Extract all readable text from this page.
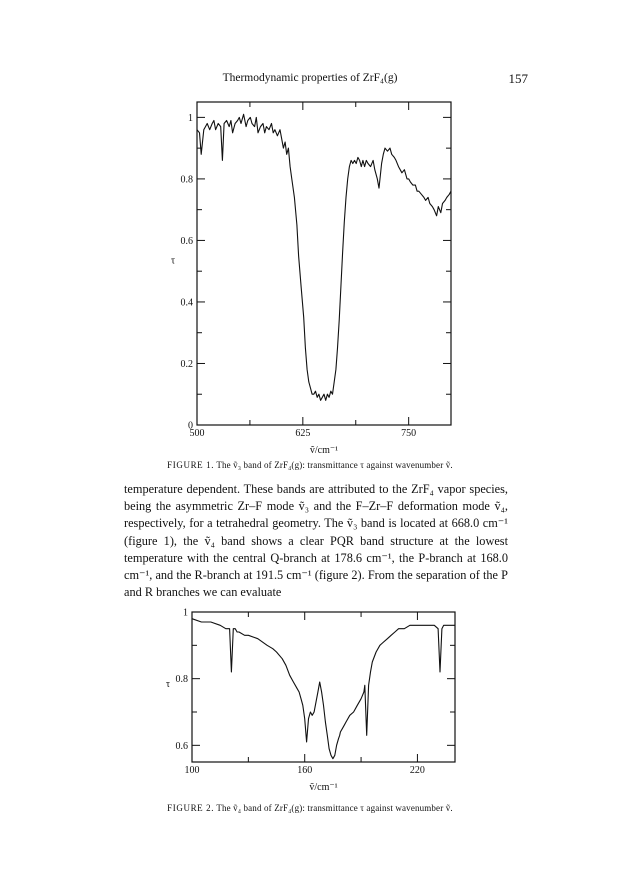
Thermodynamic properties of ZrF₄(g)	157
500	625	750
0
0.2
0.4
0.6
0.8
1
ṽ/cm⁻¹
τ
FIGURE 1. The ṽ₃ band of ZrF₄(g): transmittance τ against wavenumber ṽ.

temperature dependent. These bands are attributed to the ZrF₄ vapor species, being the asymmetric Zr–F mode ṽ₃ and the F–Zr–F deformation mode ṽ₄, respectively, for a tetrahedral geometry. The ṽ₃ band is located at 668.0 cm⁻¹ (figure 1), the ṽ₄ band shows a clear PQR band structure at the lowest temperature with the central Q-branch at 178.6 cm⁻¹, the P-branch at 168.0 cm⁻¹, and the R-branch at 191.5 cm⁻¹ (figure 2). From the separation of the P and R branches we can evaluate

100	160	220
0.6
0.8
1
ṽ/cm⁻¹
τ
FIGURE 2. The ṽ₄ band of ZrF₄(g): transmittance τ against wavenumber ṽ.
